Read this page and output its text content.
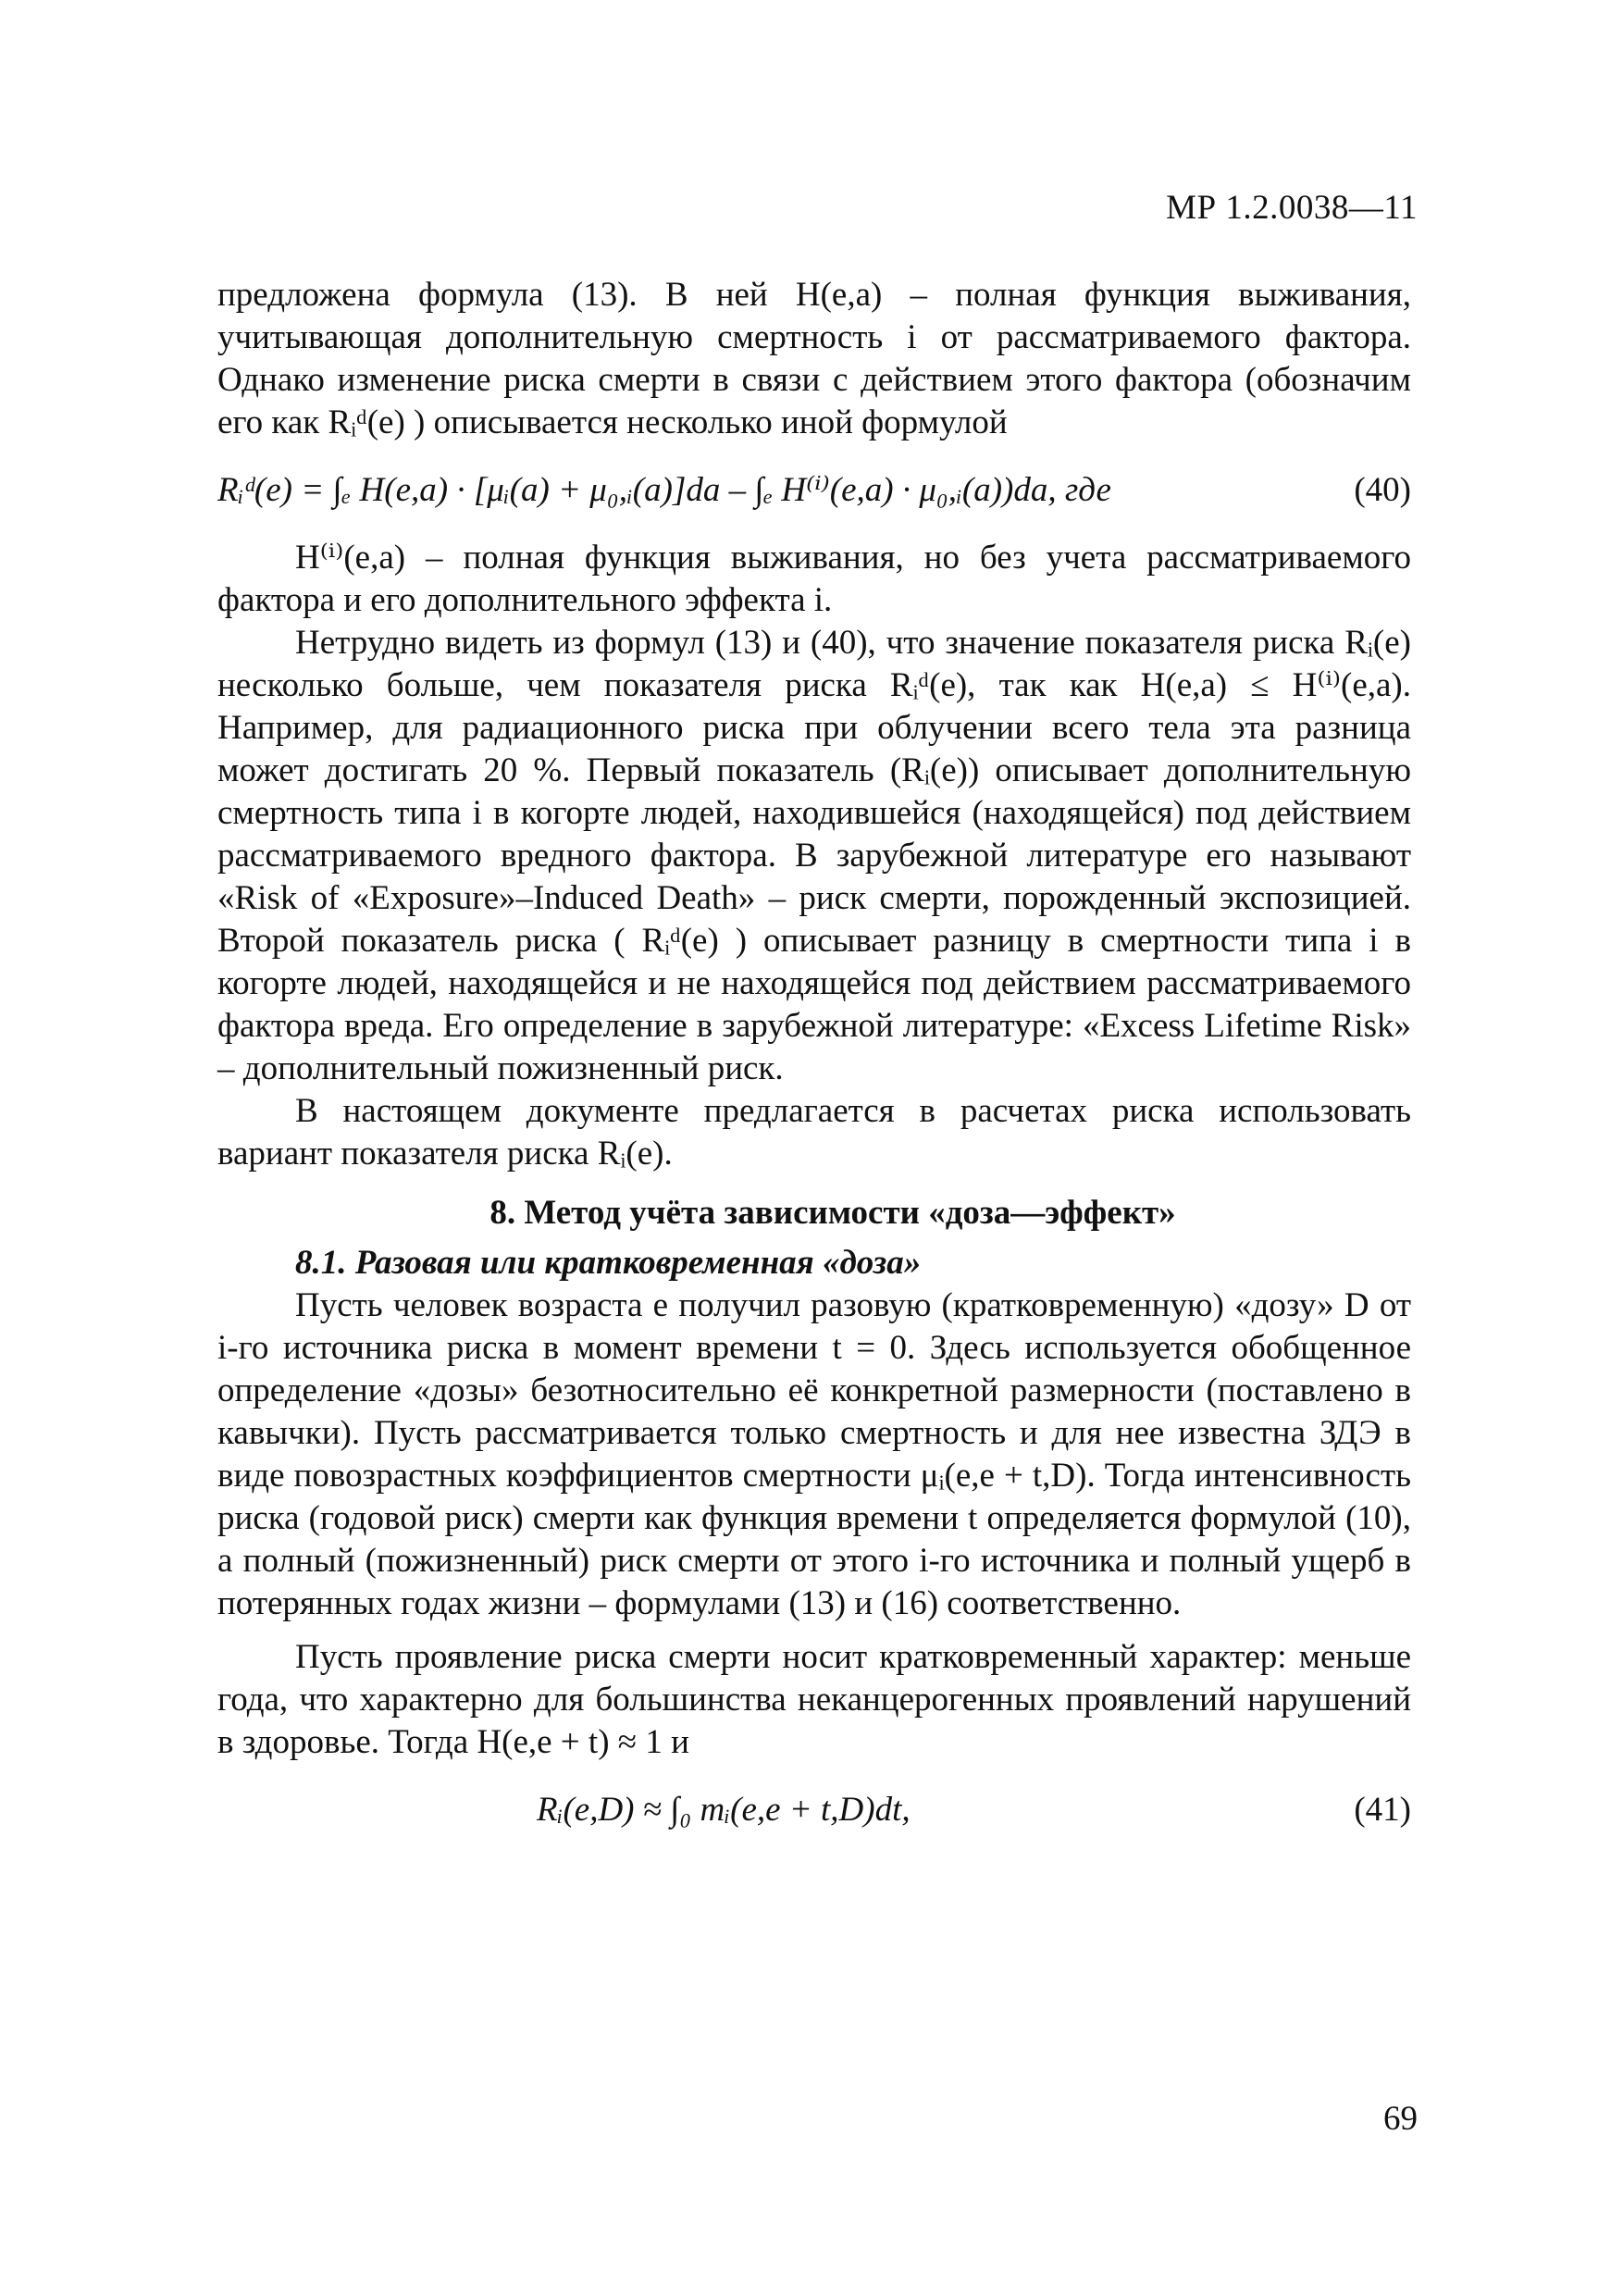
МР 1.2.0038—11

предложена формула (13). В ней H(e,a) – полная функция выживания, учитывающая дополнительную смертность i от рассматриваемого фактора. Однако изменение риска смерти в связи с действием этого фактора (обозначим его как Rᵢᵈ(e) ) описывается несколько иной формулой

Rᵢᵈ(e) = ∫ₑ H(e,a) · [μᵢ(a) + μ₀,ᵢ(a)]da – ∫ₑ H⁽ⁱ⁾(e,a) · μ₀,ᵢ(a))da, где	(40)

H⁽ⁱ⁾(e,a) – полная функция выживания, но без учета рассматриваемого фактора и его дополнительного эффекта i.

Нетрудно видеть из формул (13) и (40), что значение показателя риска Rᵢ(e) несколько больше, чем показателя риска Rᵢᵈ(e), так как H(e,a) ≤ H⁽ⁱ⁾(e,a). Например, для радиационного риска при облучении всего тела эта разница может достигать 20 %. Первый показатель (Rᵢ(e)) описывает дополнительную смертность типа i в когорте людей, находившейся (находящейся) под действием рассматриваемого вредного фактора. В зарубежной литературе его называют «Risk of «Exposure»–Induced Death» – риск смерти, порожденный экспозицией. Второй показатель риска ( Rᵢᵈ(e) ) описывает разницу в смертности типа i в когорте людей, находящейся и не находящейся под действием рассматриваемого фактора вреда. Его определение в зарубежной литературе: «Excess Lifetime Risk» – дополнительный пожизненный риск.

В настоящем документе предлагается в расчетах риска использовать вариант показателя риска Rᵢ(e).

8. Метод учёта зависимости «доза—эффект»
8.1. Разовая или кратковременная «доза»

Пусть человек возраста е получил разовую (кратковременную) «дозу» D от i-го источника риска в момент времени t = 0. Здесь используется обобщенное определение «дозы» безотносительно её конкретной размерности (поставлено в кавычки). Пусть рассматривается только смертность и для нее известна ЗДЭ в виде повозрастных коэффициентов смертности μᵢ(e,e + t,D). Тогда интенсивность риска (годовой риск) смерти как функция времени t определяется формулой (10), а полный (пожизненный) риск смерти от этого i-го источника и полный ущерб в потерянных годах жизни – формулами (13) и (16) соответственно.

Пусть проявление риска смерти носит кратковременный характер: меньше года, что характерно для большинства неканцерогенных проявлений нарушений в здоровье. Тогда H(e,e + t) ≈ 1 и

Rᵢ(e,D) ≈ ∫₀ mᵢ(e,e + t,D)dt,	(41)
69
